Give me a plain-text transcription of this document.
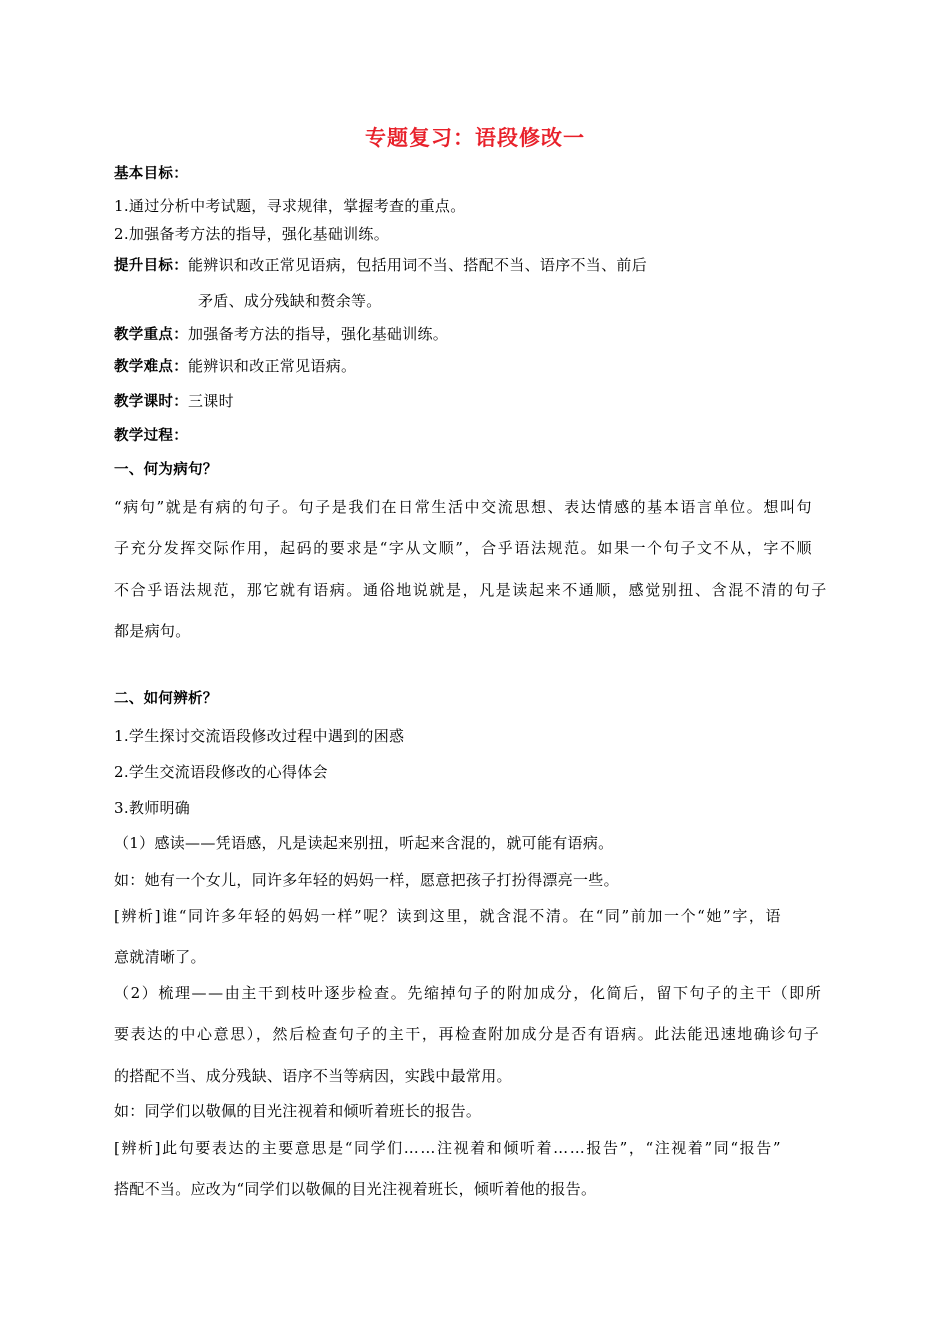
专题复习：语段修改一
基本目标：
1.通过分析中考试题，寻求规律，掌握考查的重点。
2.加强备考方法的指导，强化基础训练。
提升目标：能辨识和改正常见语病，包括用词不当、搭配不当、语序不当、前后
矛盾、成分残缺和赘余等。
教学重点：加强备考方法的指导，强化基础训练。
教学难点：能辨识和改正常见语病。
教学课时：三课时
教学过程：
一、何为病句？
“病句”就是有病的句子。句子是我们在日常生活中交流思想、表达情感的基本语言单位。想叫句
子充分发挥交际作用，起码的要求是“字从文顺”，合乎语法规范。如果一个句子文不从，字不顺
不合乎语法规范，那它就有语病。通俗地说就是，凡是读起来不通顺，感觉别扭、含混不清的句子
都是病句。
二、如何辨析？
1.学生探讨交流语段修改过程中遇到的困惑
2.学生交流语段修改的心得体会
3.教师明确
（1）感读——凭语感，凡是读起来别扭，听起来含混的，就可能有语病。
如：她有一个女儿，同许多年轻的妈妈一样，愿意把孩子打扮得漂亮一些。
[辨析]谁“同许多年轻的妈妈一样”呢？读到这里，就含混不清。在“同”前加一个“她”字，语
意就清晰了。
（2）梳理——由主干到枝叶逐步检查。先缩掉句子的附加成分，化简后，留下句子的主干（即所
要表达的中心意思），然后检查句子的主干，再检查附加成分是否有语病。此法能迅速地确诊句子
的搭配不当、成分残缺、语序不当等病因，实践中最常用。
如：同学们以敬佩的目光注视着和倾听着班长的报告。
[辨析]此句要表达的主要意思是“同学们……注视着和倾听着……报告”，“注视着”同“报告”
搭配不当。应改为“同学们以敬佩的目光注视着班长，倾听着他的报告。
